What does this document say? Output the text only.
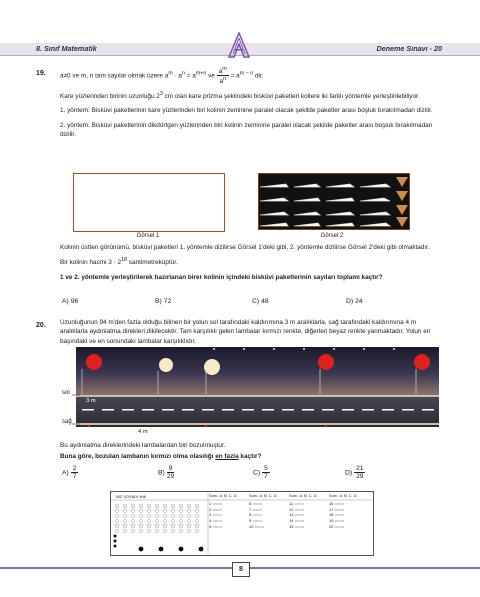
8. Sınıf Matematik	Deneme Sınavı - 20
19. a≠0 ve m, n tam sayılar olmak üzere $a^m \cdot a^n = a^{m+n}$ ve $\frac{a^m}{a^n} = a^{m - n}$ dir.

Kare yüzlerinden birinin uzunluğu $2^3$ cm olan kare prizma şeklindeki bisküvi paketleri kollere iki farklı yöntemle yerleştirilebiliyor.

1. yöntem: Bisküvi paketlerinin kare yüzlerinden biri kolinin zeminine paralel olacak şekilde paketler arası boşluk bırakılmadan dizilir.

2. yöntem: Bisküvi paketlerinin dikdörtgen yüzlerinden biri kolinin zeminine paralel olacak şekilde paketler arası boşluk bırakılmadan dizilir.

Görsel 1	Görsel 2

Kolinin üstten görünümü, bisküvi paketleri 1. yöntemle dizilirse Görsel 1'deki gibi, 2. yöntemle dizilirse Görsel 2'deki gibi olmaktadır.

Bir kolinin hacmi $3 \cdot 2^{18}$ santimetreküptür.

1 ve 2. yöntemle yerleştirilerek hazırlanan birer kolinin içindeki bisküvi paketlerinin sayıları toplamı kaçtır?

A) 96	B) 72	C) 48	D) 24
20. Uzunluğunun 94 m'den fazla olduğu bilinen bir yolun sol tarafındaki kaldırımına 3 m aralıklarla, sağ tarafındaki kaldırımına 4 m aralıklarla aydınlatma direkleri dikilecektir. Tam karşılıklı gelen lambalar kırmızı renkte, diğerleri beyaz renkte yanmaktadır. Yolun en başındaki ve en sonundaki lambalar karşılıklıdır.

sol
sağ
3 m
4 m

Bu aydınlatma direklerindeki lambalardan biri bozulmuştur.

Buna göre, bozulan lambanın kırmızı olma olasılığı en fazla kaçtır?

$A) \frac{2}{7}$	$B) \frac{9}{29}$	$C) \frac{5}{7}$	$D) \frac{21}{29}$
BİZ SOYADI ⊕⊕	Soru A B C D
1 ○○○○
2 ○○○○
3 ○○○○
4 ○○○○
5 ○○○○
Soru A B C D
6 ○○○○
7 ○○○○
8 ○○○○
9 ○○○○
10 ○○○○
Soru A B C D
11 ○○○○
12 ○○○○
13 ○○○○
14 ○○○○
15 ○○○○
Soru A B C D
16 ○○○○
17 ○○○○
18 ○○○○
19 ○○○○
20 ○○○○
8
